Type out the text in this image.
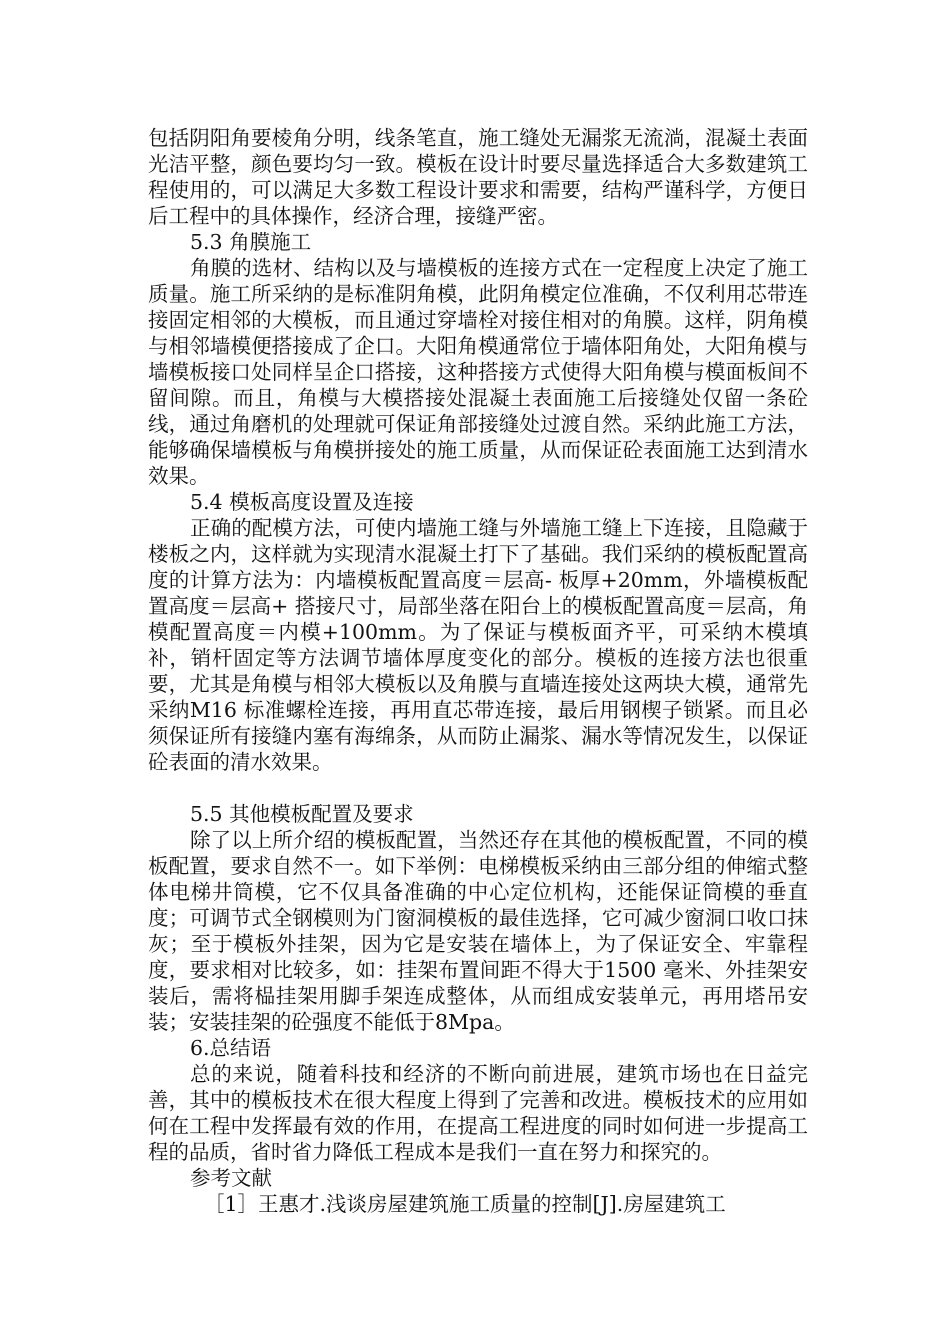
包括阴阳角要棱角分明，线条笔直，施工缝处无漏浆无流淌，混凝土表面光洁平整，颜色要均匀一致。模板在设计时要尽量选择适合大多数建筑工程使用的，可以满足大多数工程设计要求和需要，结构严谨科学，方便日后工程中的具体操作，经济合理，接缝严密。

5.3 角膜施工

角膜的选材、结构以及与墙模板的连接方式在一定程度上决定了施工质量。施工所采纳的是标准阴角模，此阴角模定位准确，不仅利用芯带连接固定相邻的大模板，而且通过穿墙栓对接住相对的角膜。这样，阴角模与相邻墙模便搭接成了企口。大阳角模通常位于墙体阳角处，大阳角模与墙模板接口处同样呈企口搭接，这种搭接方式使得大阳角模与模面板间不留间隙。而且，角模与大模搭接处混凝土表面施工后接缝处仅留一条砼线，通过角磨机的处理就可保证角部接缝处过渡自然。采纳此施工方法，能够确保墙模板与角模拼接处的施工质量，从而保证砼表面施工达到清水效果。

5.4 模板高度设置及连接

正确的配模方法，可使内墙施工缝与外墙施工缝上下连接，且隐藏于楼板之内，这样就为实现清水混凝土打下了基础。我们采纳的模板配置高度的计算方法为：内墙模板配置高度＝层高- 板厚+20mm，外墙模板配置高度＝层高+ 搭接尺寸，局部坐落在阳台上的模板配置高度＝层高，角模配置高度＝内模+100mm。为了保证与模板面齐平，可采纳木模填补，销杆固定等方法调节墙体厚度变化的部分。模板的连接方法也很重要，尤其是角模与相邻大模板以及角膜与直墙连接处这两块大模，通常先采纳M16 标准螺栓连接，再用直芯带连接，最后用钢楔子锁紧。而且必须保证所有接缝内塞有海绵条，从而防止漏浆、漏水等情况发生，以保证砼表面的清水效果。

5.5 其他模板配置及要求

除了以上所介绍的模板配置，当然还存在其他的模板配置，不同的模板配置，要求自然不一。如下举例：电梯模板采纳由三部分组的伸缩式整体电梯井筒模，它不仅具备准确的中心定位机构，还能保证筒模的垂直度；可调节式全钢模则为门窗洞模板的最佳选择，它可减少窗洞口收口抹灰；至于模板外挂架，因为它是安装在墙体上，为了保证安全、牢靠程度，要求相对比较多，如：挂架布置间距不得大于1500 毫米、外挂架安装后，需将榀挂架用脚手架连成整体，从而组成安装单元，再用塔吊安装；安装挂架的砼强度不能低于8Mpa。

6.总结语

总的来说，随着科技和经济的不断向前进展，建筑市场也在日益完善，其中的模板技术在很大程度上得到了完善和改进。模板技术的应用如何在工程中发挥最有效的作用，在提高工程进度的同时如何进一步提高工程的品质，省时省力降低工程成本是我们一直在努力和探究的。

参考文献

［1］王惠才.浅谈房屋建筑施工质量的控制[J].房屋建筑工
